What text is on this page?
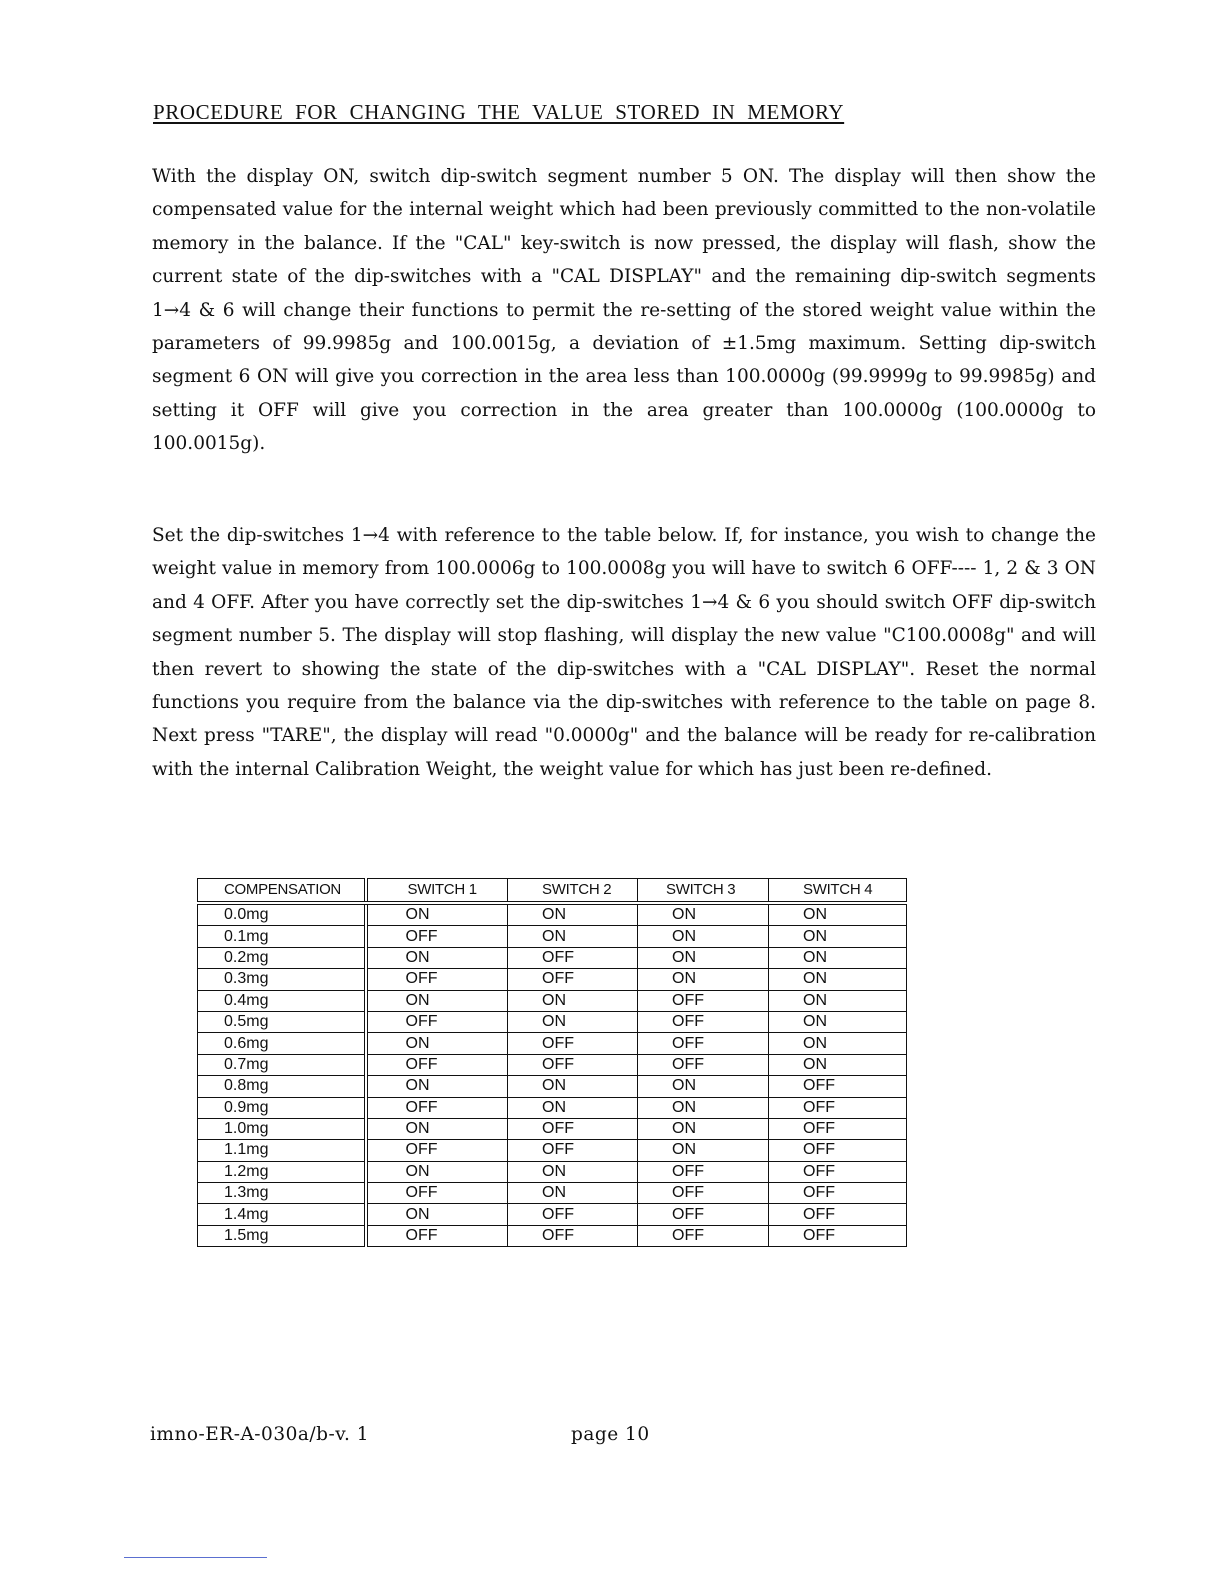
PROCEDURE FOR CHANGING THE VALUE STORED IN MEMORY

With the display ON, switch dip-switch segment number 5 ON. The display will then show the compensated value for the internal weight which had been previously committed to the non-volatile memory in the balance. If the "CAL" key-switch is now pressed, the display will flash, show the current state of the dip-switches with a "CAL DISPLAY" and the remaining dip-switch segments 1→4 & 6 will change their functions to permit the re-setting of the stored weight value within the parameters of 99.9985g and 100.0015g, a deviation of ±1.5mg maximum. Setting dip-switch segment 6 ON will give you correction in the area less than 100.0000g (99.9999g to 99.9985g) and setting it OFF will give you correction in the area greater than 100.0000g (100.0000g to 100.0015g).

Set the dip-switches 1→4 with reference to the table below. If, for instance, you wish to change the weight value in memory from 100.0006g to 100.0008g you will have to switch 6 OFF---- 1, 2 & 3 ON and 4 OFF. After you have correctly set the dip-switches 1→4 & 6 you should switch OFF dip-switch segment number 5. The display will stop flashing, will display the new value "C100.0008g" and will then revert to showing the state of the dip-switches with a "CAL DISPLAY". Reset the normal functions you require from the balance via the dip-switches with reference to the table on page 8. Next press "TARE", the display will read "0.0000g" and the balance will be ready for re-calibration with the internal Calibration Weight, the weight value for which has just been re-defined.

COMPENSATION	SWITCH 1	SWITCH 2	SWITCH 3	SWITCH 4
0.0mg	ON	ON	ON	ON
0.1mg	OFF	ON	ON	ON
0.2mg	ON	OFF	ON	ON
0.3mg	OFF	OFF	ON	ON
0.4mg	ON	ON	OFF	ON
0.5mg	OFF	ON	OFF	ON
0.6mg	ON	OFF	OFF	ON
0.7mg	OFF	OFF	OFF	ON
0.8mg	ON	ON	ON	OFF
0.9mg	OFF	ON	ON	OFF
1.0mg	ON	OFF	ON	OFF
1.1mg	OFF	OFF	ON	OFF
1.2mg	ON	ON	OFF	OFF
1.3mg	OFF	ON	OFF	OFF
1.4mg	ON	OFF	OFF	OFF
1.5mg	OFF	OFF	OFF	OFF
imno-ER-A-030a/b-v. 1	page 10
